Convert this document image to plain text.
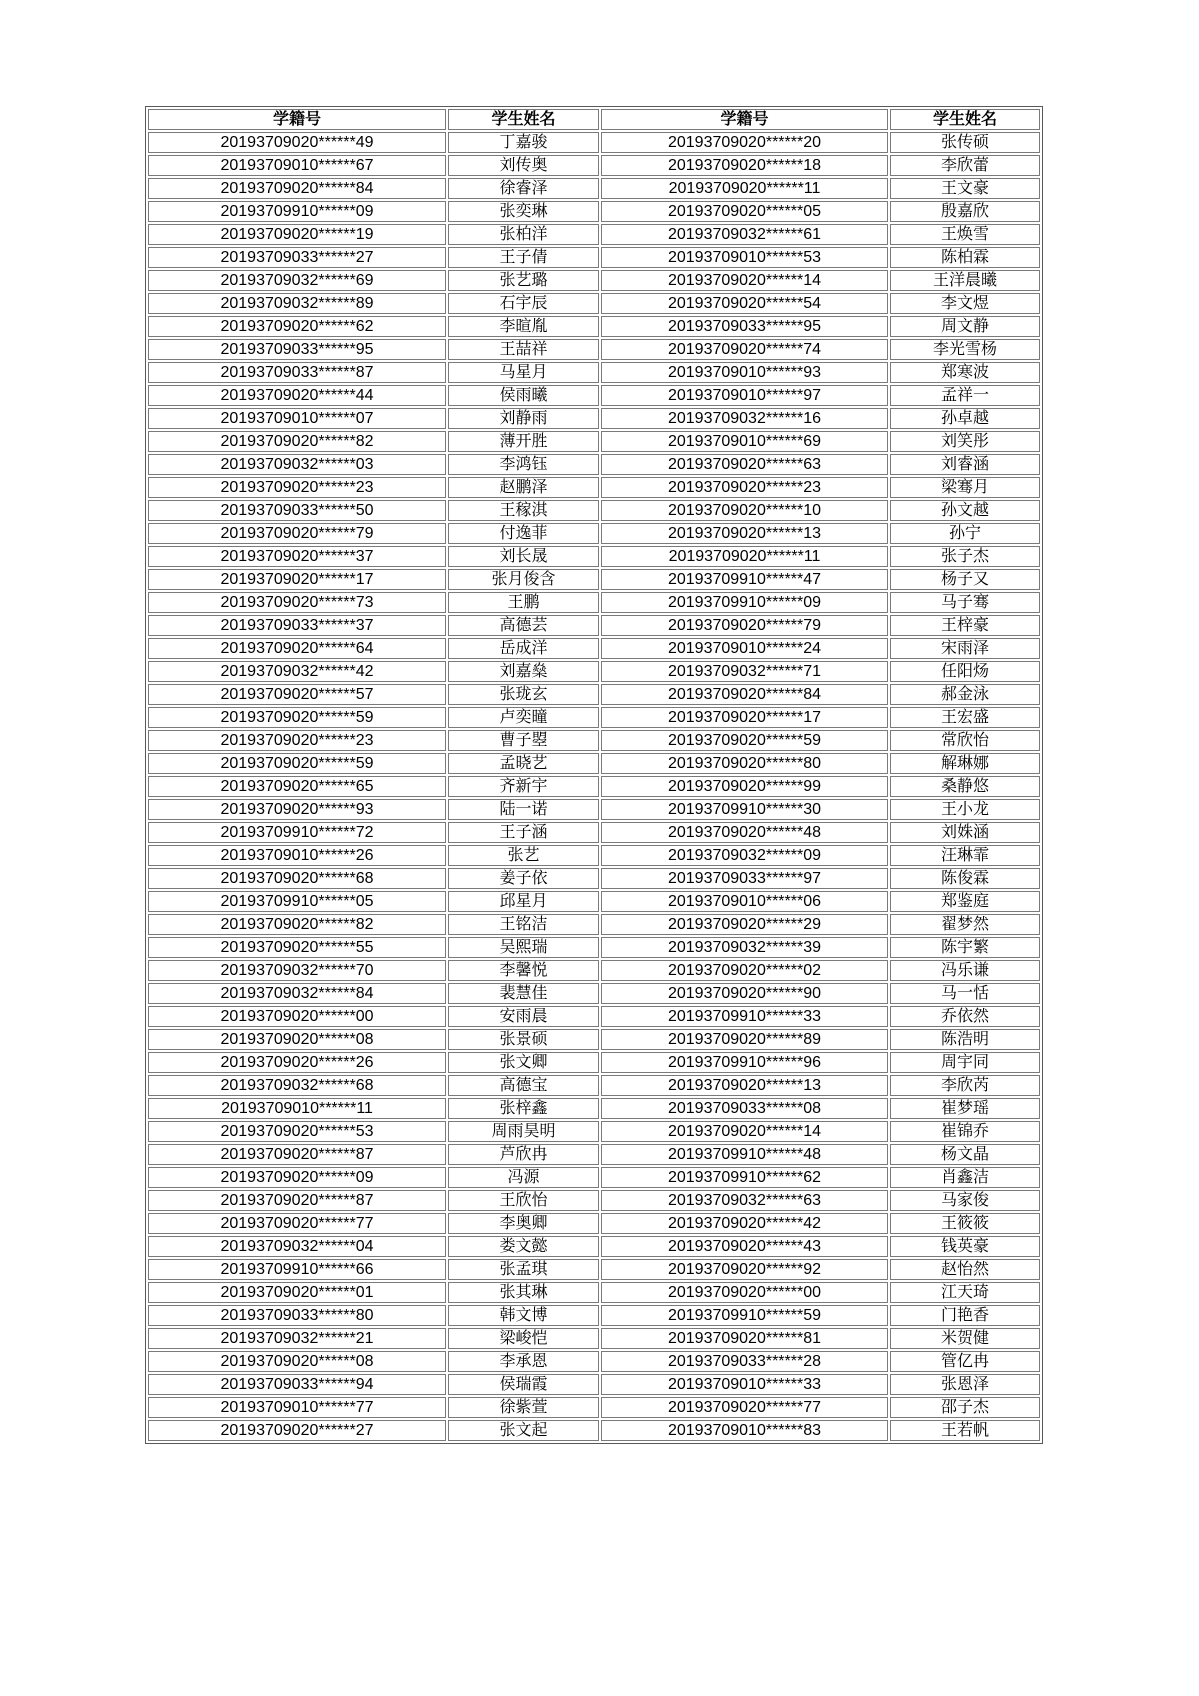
学籍号	学生姓名	学籍号	学生姓名
20193709020******49	丁嘉骏	20193709020******20	张传硕
20193709010******67	刘传奥	20193709020******18	李欣蕾
20193709020******84	徐睿泽	20193709020******11	王文豪
20193709910******09	张奕琳	20193709020******05	殷嘉欣
20193709020******19	张柏洋	20193709032******61	王焕雪
20193709033******27	王子倩	20193709010******53	陈柏霖
20193709032******69	张艺璐	20193709020******14	王洋晨曦
20193709032******89	石宇辰	20193709020******54	李文煜
20193709020******62	李暄胤	20193709033******95	周文静
20193709033******95	王喆祥	20193709020******74	李光雪杨
20193709033******87	马星月	20193709010******93	郑寒波
20193709020******44	侯雨曦	20193709010******97	孟祥一
20193709010******07	刘静雨	20193709032******16	孙卓越
20193709020******82	薄开胜	20193709010******69	刘笑彤
20193709032******03	李鸿钰	20193709020******63	刘睿涵
20193709020******23	赵鹏泽	20193709020******23	梁骞月
20193709033******50	王稼淇	20193709020******10	孙文越
20193709020******79	付逸菲	20193709020******13	孙宁
20193709020******37	刘长晟	20193709020******11	张子杰
20193709020******17	张月俊含	20193709910******47	杨子又
20193709020******73	王鹏	20193709910******09	马子骞
20193709033******37	高德芸	20193709020******79	王梓豪
20193709020******64	岳成洋	20193709010******24	宋雨泽
20193709032******42	刘嘉燊	20193709032******71	任阳炀
20193709020******57	张珑玄	20193709020******84	郝金泳
20193709020******59	卢奕曈	20193709020******17	王宏盛
20193709020******23	曹子曌	20193709020******59	常欣怡
20193709020******59	孟晓艺	20193709020******80	解琳娜
20193709020******65	齐新宇	20193709020******99	桑静悠
20193709020******93	陆一诺	20193709910******30	王小龙
20193709910******72	王子涵	20193709020******48	刘姝涵
20193709010******26	张艺	20193709032******09	汪琳霏
20193709020******68	姜子依	20193709033******97	陈俊霖
20193709910******05	邱星月	20193709010******06	郑鉴庭
20193709020******82	王铭洁	20193709020******29	翟梦然
20193709020******55	吴熙瑞	20193709032******39	陈宇繁
20193709032******70	李馨悦	20193709020******02	冯乐谦
20193709032******84	裴慧佳	20193709020******90	马一恬
20193709020******00	安雨晨	20193709910******33	乔依然
20193709020******08	张景硕	20193709020******89	陈浩明
20193709020******26	张文卿	20193709910******96	周宇同
20193709032******68	高德宝	20193709020******13	李欣芮
20193709010******11	张梓鑫	20193709033******08	崔梦瑶
20193709020******53	周雨昊明	20193709020******14	崔锦乔
20193709020******87	芦欣冉	20193709910******48	杨文晶
20193709020******09	冯源	20193709910******62	肖鑫洁
20193709020******87	王欣怡	20193709032******63	马家俊
20193709020******77	李奥卿	20193709020******42	王筱筱
20193709032******04	娄文懿	20193709020******43	钱英豪
20193709910******66	张孟琪	20193709020******92	赵怡然
20193709020******01	张其琳	20193709020******00	江天琦
20193709033******80	韩文博	20193709910******59	门艳香
20193709032******21	梁峻恺	20193709020******81	米贺健
20193709020******08	李承恩	20193709033******28	管亿冉
20193709033******94	侯瑞霞	20193709010******33	张恩泽
20193709010******77	徐紫萱	20193709020******77	邵子杰
20193709020******27	张文起	20193709010******83	王若帆
